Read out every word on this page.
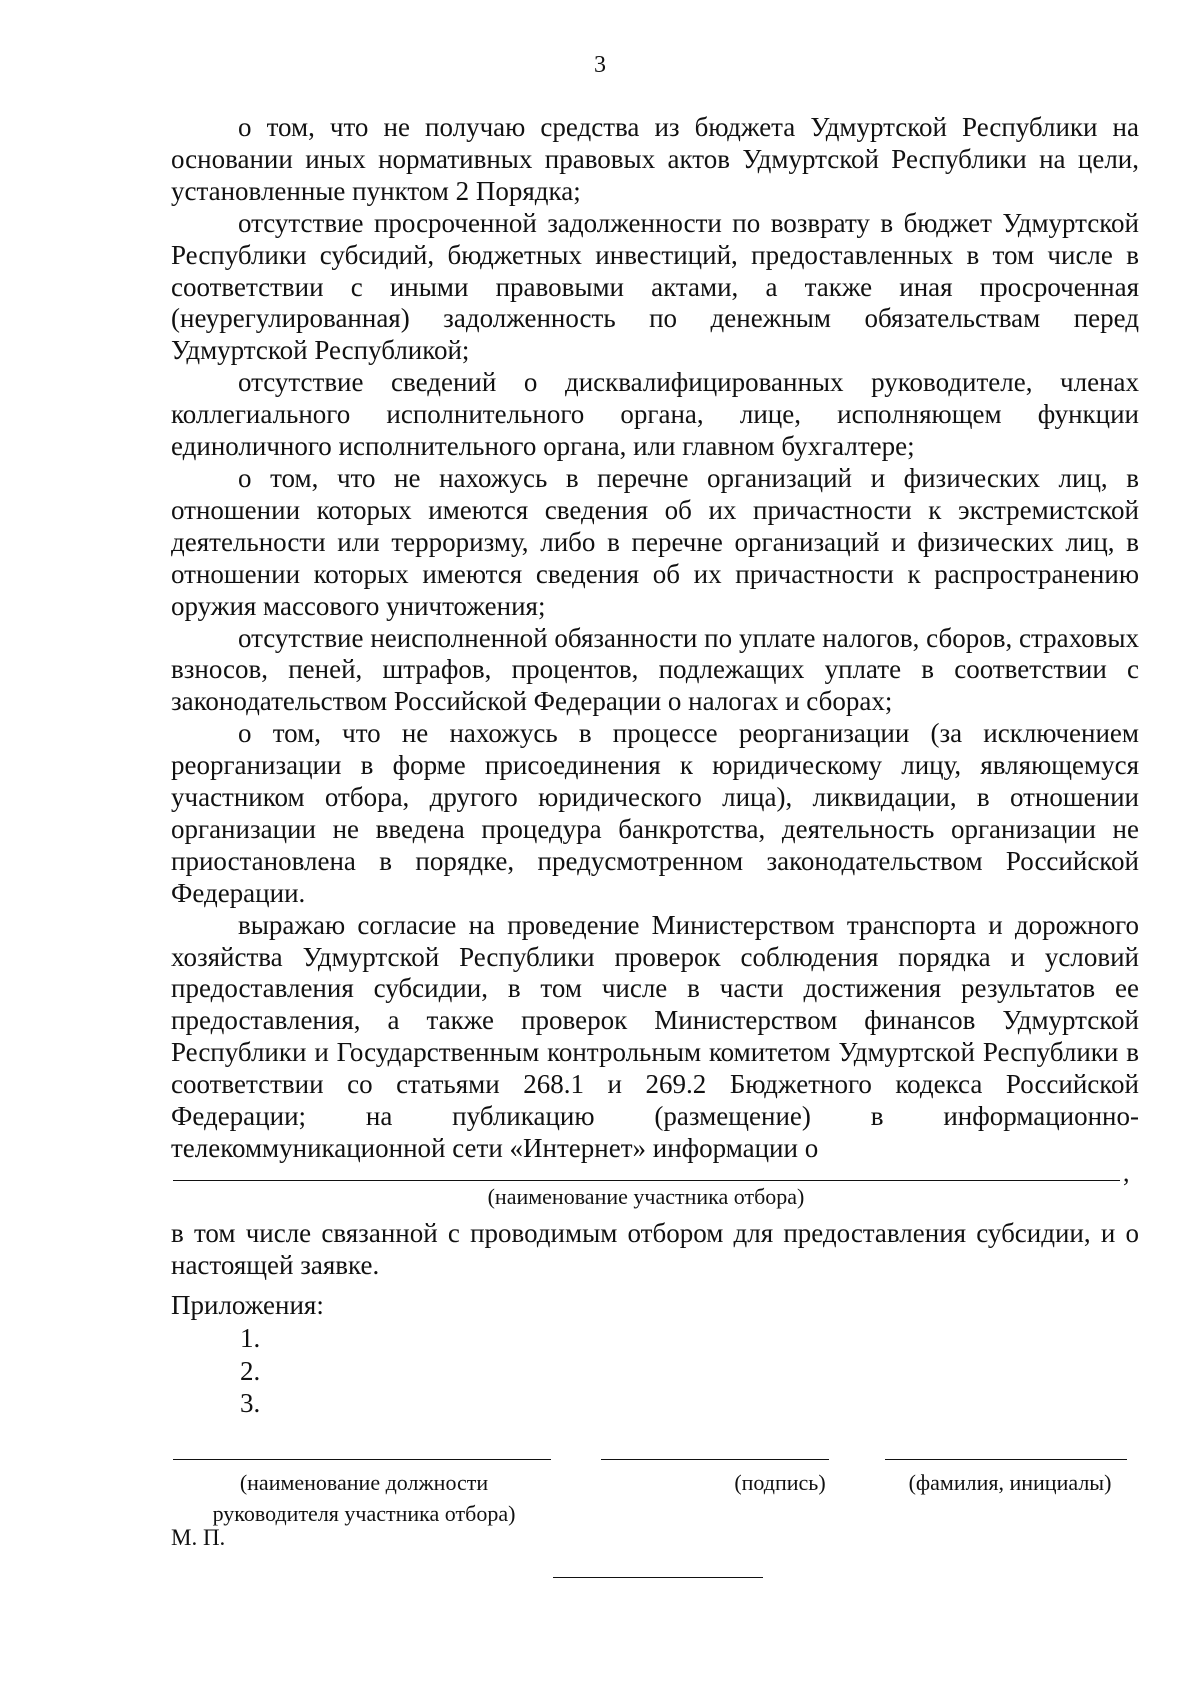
3

о том, что не получаю средства из бюджета Удмуртской Республики на основании иных нормативных правовых актов Удмуртской Республики на цели, установленные пунктом 2 Порядка;

отсутствие просроченной задолженности по возврату в бюджет Удмуртской Республики субсидий, бюджетных инвестиций, предоставленных в том числе в соответствии с иными правовыми актами, а также иная просроченная (неурегулированная) задолженность по денежным обязательствам перед Удмуртской Республикой;

отсутствие сведений о дисквалифицированных руководителе, членах коллегиального исполнительного органа, лице, исполняющем функции единоличного исполнительного органа, или главном бухгалтере;

о том, что не нахожусь в перечне организаций и физических лиц, в отношении которых имеются сведения об их причастности к экстремистской деятельности или терроризму, либо в перечне организаций и физических лиц, в отношении которых имеются сведения об их причастности к распространению оружия массового уничтожения;

отсутствие неисполненной обязанности по уплате налогов, сборов, страховых взносов, пеней, штрафов, процентов, подлежащих уплате в соответствии с законодательством Российской Федерации о налогах и сборах;

о том, что не нахожусь в процессе реорганизации (за исключением реорганизации в форме присоединения к юридическому лицу, являющемуся участником отбора, другого юридического лица), ликвидации, в отношении организации не введена процедура банкротства, деятельность организации не приостановлена в порядке, предусмотренном законодательством Российской Федерации.

выражаю согласие на проведение Министерством транспорта и дорожного хозяйства Удмуртской Республики проверок соблюдения порядка и условий предоставления субсидии, в том числе в части достижения результатов ее предоставления, а также проверок Министерством финансов Удмуртской Республики и Государственным контрольным комитетом Удмуртской Республики в соответствии со статьями 268.1 и 269.2 Бюджетного кодекса Российской Федерации; на публикацию (размещение) в информационно-телекоммуникационной сети «Интернет» информации о

,
(наименование участника отбора)
в том числе связанной с проводимым отбором для предоставления субсидии, и о настоящей заявке.
Приложения:
1.
2.
3.
(наименование должности
руководителя участника отбора)
(подпись)	(фамилия, инициалы)
М. П.
